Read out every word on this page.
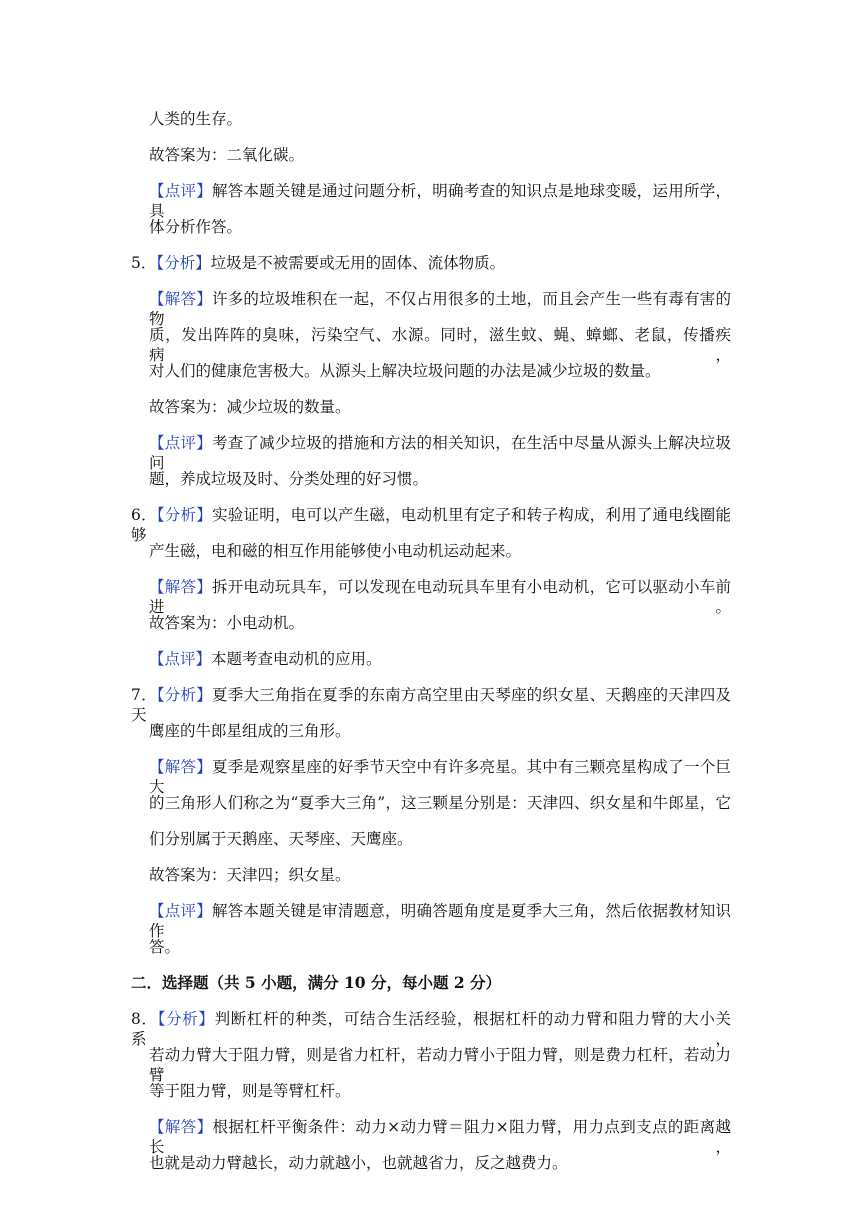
人类的生存。
故答案为：二氧化碳。
【点评】解答本题关键是通过问题分析，明确考查的知识点是地球变暖，运用所学，具
体分析作答。
5．【分析】垃圾是不被需要或无用的固体、流体物质。
【解答】许多的垃圾堆积在一起，不仅占用很多的土地，而且会产生一些有毒有害的物
质，发出阵阵的臭味，污染空气、水源。同时，滋生蚊、蝇、蟑螂、老鼠，传播疾病，
对人们的健康危害极大。从源头上解决垃圾问题的办法是减少垃圾的数量。
故答案为：减少垃圾的数量。
【点评】考查了减少垃圾的措施和方法的相关知识，在生活中尽量从源头上解决垃圾问
题，养成垃圾及时、分类处理的好习惯。
6．【分析】实验证明，电可以产生磁，电动机里有定子和转子构成，利用了通电线圈能够
产生磁，电和磁的相互作用能够使小电动机运动起来。
【解答】拆开电动玩具车，可以发现在电动玩具车里有小电动机，它可以驱动小车前进。
故答案为：小电动机。
【点评】本题考查电动机的应用。
7．【分析】夏季大三角指在夏季的东南方高空里由天琴座的织女星、天鹅座的天津四及天
鹰座的牛郎星组成的三角形。
【解答】夏季是观察星座的好季节天空中有许多亮星。其中有三颗亮星构成了一个巨大
的三角形人们称之为“夏季大三角”，这三颗星分别是：天津四、织女星和牛郎星，它
们分别属于天鹅座、天琴座、天鹰座。
故答案为：天津四；织女星。
【点评】解答本题关键是审清题意，明确答题角度是夏季大三角，然后依据教材知识作
答。
二．选择题（共 5 小题，满分 10 分，每小题 2 分）
8．【分析】判断杠杆的种类，可结合生活经验，根据杠杆的动力臂和阻力臂的大小关系，
若动力臂大于阻力臂，则是省力杠杆，若动力臂小于阻力臂，则是费力杠杆，若动力臂
等于阻力臂，则是等臂杠杆。
【解答】根据杠杆平衡条件：动力×动力臂＝阻力×阻力臂，用力点到支点的距离越长，
也就是动力臂越长，动力就越小，也就越省力，反之越费力。
